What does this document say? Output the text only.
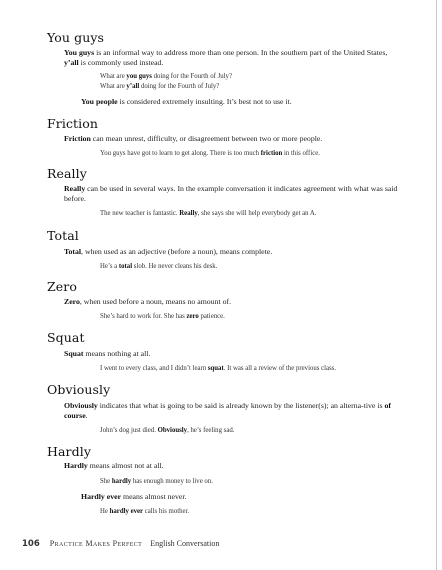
You guys

You guys is an informal way to address more than one person. In the southern part of the United States, y’all is commonly used instead.

What are you guys doing for the Fourth of July?

What are y’all doing for the Fourth of July?

You people is considered extremely insulting. It’s best not to use it.

Friction

Friction can mean unrest, difficulty, or disagreement between two or more people.

You guys have got to learn to get along. There is too much friction in this office.

Really

Really can be used in several ways. In the example conversation it indicates agreement with what was said before.

The new teacher is fantastic. Really, she says she will help everybody get an A.

Total

Total, when used as an adjective (before a noun), means complete.

He’s a total slob. He never cleans his desk.

Zero

Zero, when used before a noun, means no amount of.

She’s hard to work for. She has zero patience.

Squat

Squat means nothing at all.

I went to every class, and I didn’t learn squat. It was all a review of the previous class.

Obviously

Obviously indicates that what is going to be said is already known by the listener(s); an alterna-tive is of course.

John’s dog just died. Obviously, he’s feeling sad.

Hardly

Hardly means almost not at all.

She hardly has enough money to live on.

Hardly ever means almost never.

He hardly ever calls his mother.

106 Practice Makes Perfect English Conversation
